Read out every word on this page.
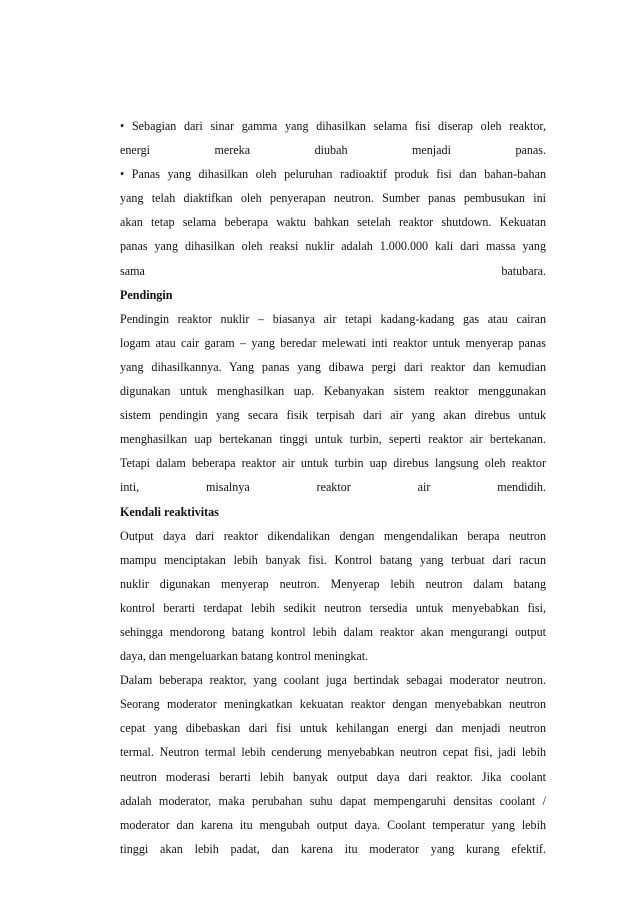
• Sebagian dari sinar gamma yang dihasilkan selama fisi diserap oleh reaktor,
energi mereka diubah menjadi panas.
• Panas yang dihasilkan oleh peluruhan radioaktif produk fisi dan bahan-bahan
yang telah diaktifkan oleh penyerapan neutron. Sumber panas pembusukan ini
akan tetap selama beberapa waktu bahkan setelah reaktor shutdown. Kekuatan
panas yang dihasilkan oleh reaksi nuklir adalah 1.000.000 kali dari massa yang
sama batubara.
Pendingin
Pendingin reaktor nuklir – biasanya air tetapi kadang-kadang gas atau cairan
logam atau cair garam – yang beredar melewati inti reaktor untuk menyerap panas
yang dihasilkannya. Yang panas yang dibawa pergi dari reaktor dan kemudian
digunakan untuk menghasilkan uap. Kebanyakan sistem reaktor menggunakan
sistem pendingin yang secara fisik terpisah dari air yang akan direbus untuk
menghasilkan uap bertekanan tinggi untuk turbin, seperti reaktor air bertekanan.
Tetapi dalam beberapa reaktor air untuk turbin uap direbus langsung oleh reaktor
inti, misalnya reaktor air mendidih.
Kendali reaktivitas
Output daya dari reaktor dikendalikan dengan mengendalikan berapa neutron
mampu menciptakan lebih banyak fisi. Kontrol batang yang terbuat dari racun
nuklir digunakan menyerap neutron. Menyerap lebih neutron dalam batang
kontrol berarti terdapat lebih sedikit neutron tersedia untuk menyebabkan fisi,
sehingga mendorong batang kontrol lebih dalam reaktor akan mengurangi output
daya, dan mengeluarkan batang kontrol meningkat.
Dalam beberapa reaktor, yang coolant juga bertindak sebagai moderator neutron.
Seorang moderator meningkatkan kekuatan reaktor dengan menyebabkan neutron
cepat yang dibebaskan dari fisi untuk kehilangan energi dan menjadi neutron
termal. Neutron termal lebih cenderung menyebabkan neutron cepat fisi, jadi lebih
neutron moderasi berarti lebih banyak output daya dari reaktor. Jika coolant
adalah moderator, maka perubahan suhu dapat mempengaruhi densitas coolant /
moderator dan karena itu mengubah output daya. Coolant temperatur yang lebih
tinggi akan lebih padat, dan karena itu moderator yang kurang efektif.
